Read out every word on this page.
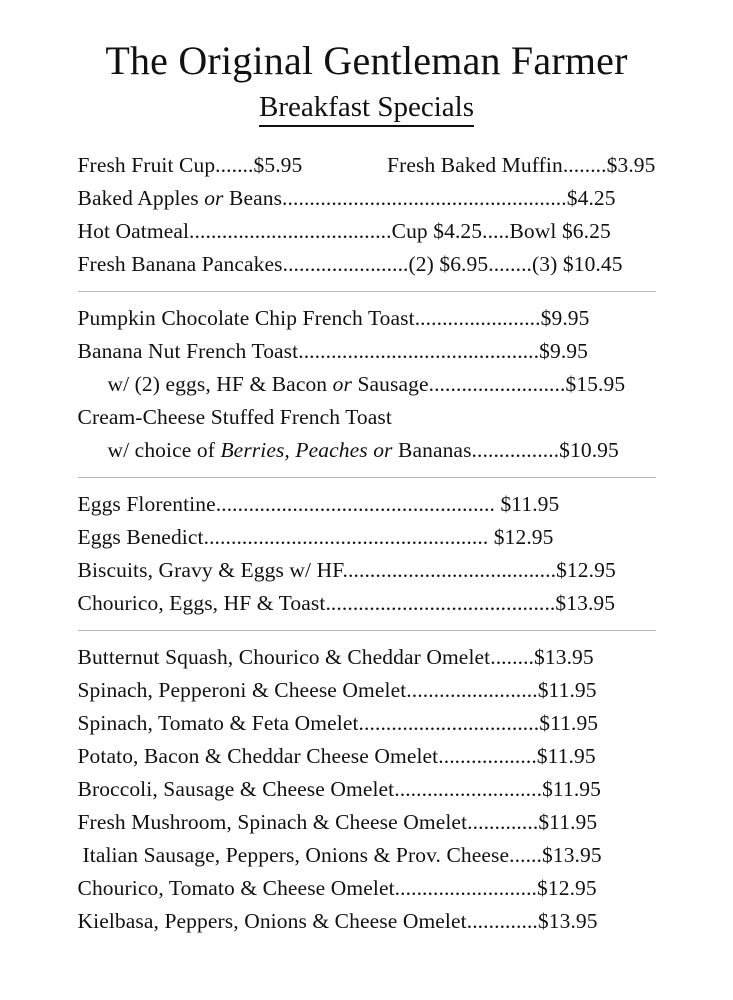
The Original Gentleman Farmer
Breakfast Specials
Fresh Fruit Cup.......$5.95	Fresh Baked Muffin........$3.95
Baked Apples or Beans....................................................$4.25
Hot Oatmeal.....................................Cup $4.25.....Bowl $6.25
Fresh Banana Pancakes.......................(2) $6.95........(3) $10.45
Pumpkin Chocolate Chip French Toast.......................$9.95
Banana Nut French Toast............................................$9.95
w/ (2) eggs, HF & Bacon or Sausage.........................$15.95
Cream-Cheese Stuffed French Toast
w/ choice of Berries, Peaches or Bananas................$10.95
Eggs Florentine................................................... $11.95
Eggs Benedict.................................................... $12.95
Biscuits, Gravy & Eggs w/ HF.......................................$12.95
Chourico, Eggs, HF & Toast..........................................$13.95
Butternut Squash, Chourico & Cheddar Omelet........$13.95
Spinach, Pepperoni & Cheese Omelet........................$11.95
Spinach, Tomato & Feta Omelet.................................$11.95
Potato, Bacon & Cheddar Cheese Omelet..................$11.95
Broccoli, Sausage & Cheese Omelet...........................$11.95
Fresh Mushroom, Spinach & Cheese Omelet.............$11.95
Italian Sausage, Peppers, Onions & Prov. Cheese......$13.95
Chourico, Tomato & Cheese Omelet..........................$12.95
Kielbasa, Peppers, Onions & Cheese Omelet.............$13.95
